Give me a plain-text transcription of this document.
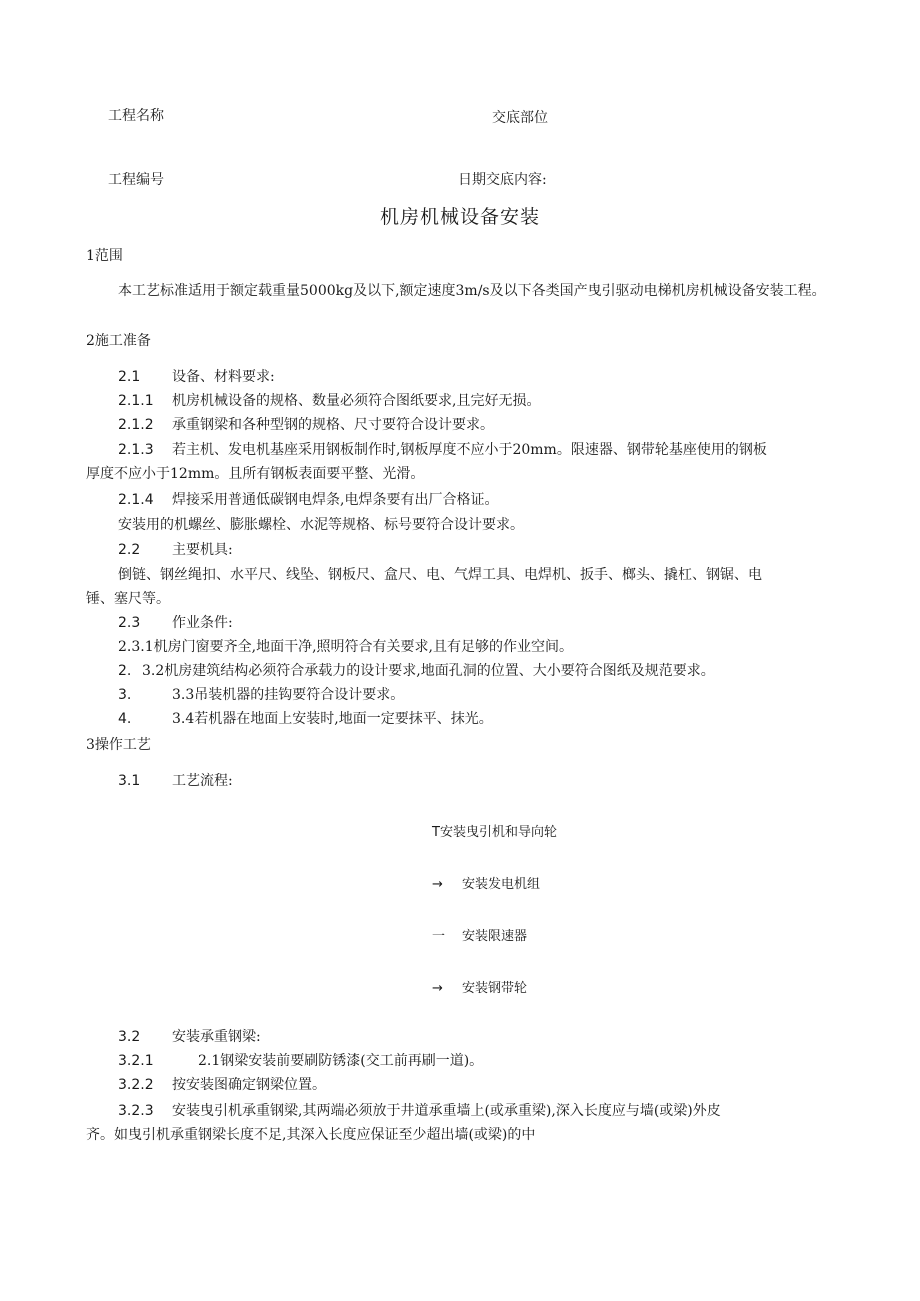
工程名称	交底部位
工程编号	日期交底内容:
机房机械设备安装
1范围
本工艺标准适用于额定载重量5000kg及以下,额定速度3m∕s及以下各类国产曳引驱动电梯机房机械设备安装工程。
2施工准备
2.1 设备、材料要求:
2.1.1 机房机械设备的规格、数量必须符合图纸要求,且完好无损。
2.1.2 承重钢梁和各种型钢的规格、尺寸要符合设计要求。
2.1.3 若主机、发电机基座采用钢板制作时,钢板厚度不应小于20mm。限速器、钢带轮基座使用的钢板
厚度不应小于12mm。且所有钢板表面要平整、光滑。
2.1.4 焊接采用普通低碳钢电焊条,电焊条要有出厂合格证。
安装用的机螺丝、膨胀螺栓、水泥等规格、标号要符合设计要求。
2.2 主要机具:
倒链、钢丝绳扣、水平尺、线坠、钢板尺、盒尺、电、气焊工具、电焊机、扳手、榔头、撬杠、钢锯、电
锤、塞尺等。
2.3 作业条件:
2.3.1机房门窗要齐全,地面干净,照明符合有关要求,且有足够的作业空间。
2. 3.2机房建筑结构必须符合承载力的设计要求,地面孔洞的位置、大小要符合图纸及规范要求。
3.	3.3吊装机器的挂钩要符合设计要求。
4.	3.4若机器在地面上安装时,地面一定要抹平、抹光。
3操作工艺
3.1 工艺流程:
T安装曳引机和导向轮
→ 安装发电机组
一 安装限速器
→ 安装钢带轮
3.2 安装承重钢梁:
3.2.1	2.1钢梁安装前要刷防锈漆(交工前再刷一道)。
3.2.2 按安装图确定钢梁位置。
3.2.3 安装曳引机承重钢梁,其两端必须放于井道承重墙上(或承重梁),深入长度应与墙(或梁)外皮
齐。如曳引机承重钢梁长度不足,其深入长度应保证至少超出墙(或梁)的中
